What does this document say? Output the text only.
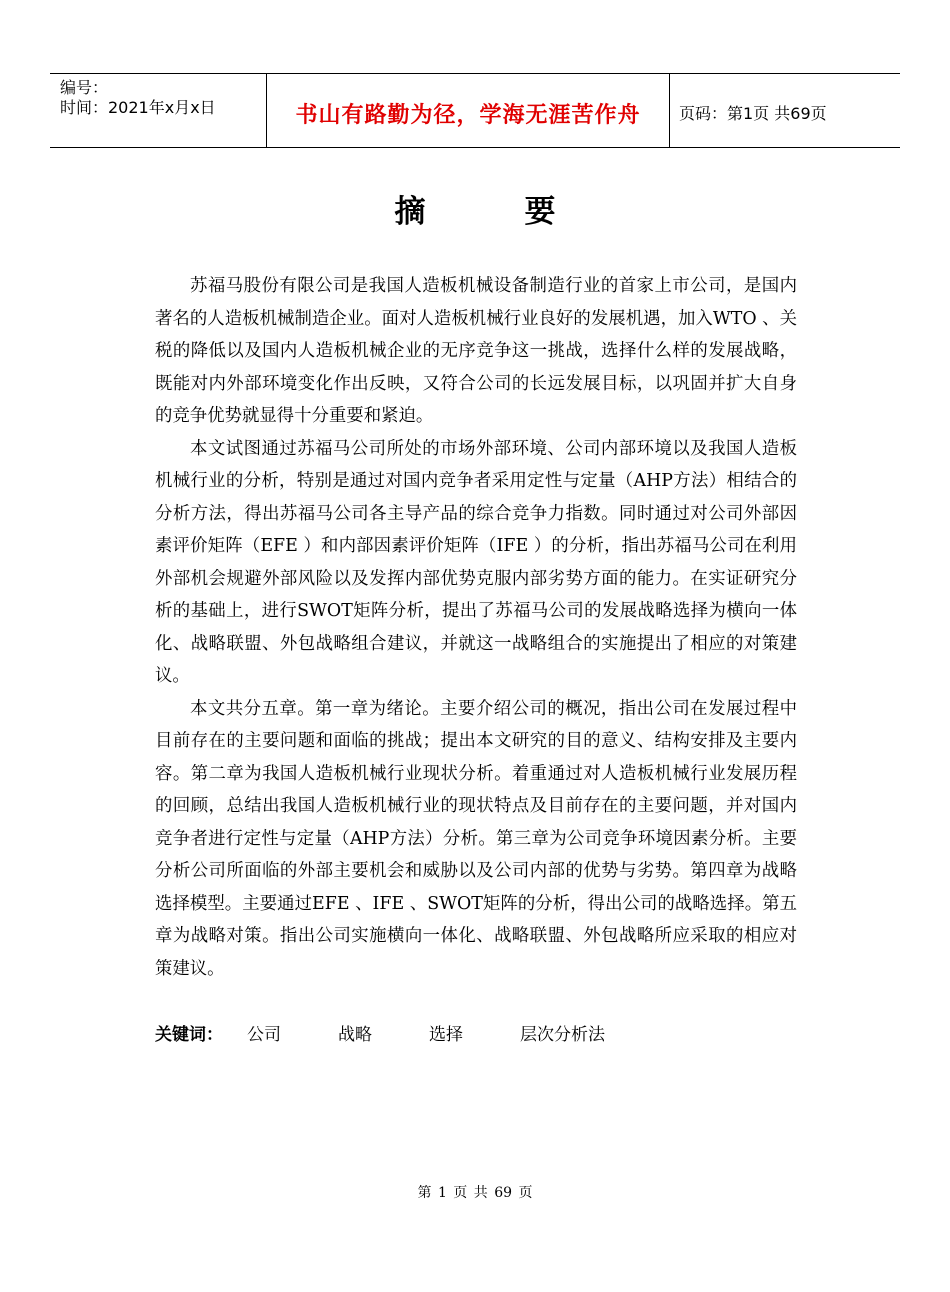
编号：
时间：2021年x月x日	书山有路勤为径，学海无涯苦作舟	页码：第1页 共69页
摘　要

苏福马股份有限公司是我国人造板机械设备制造行业的首家上市公司，是国内著名的人造板机械制造企业。面对人造板机械行业良好的发展机遇，加入WTO 、关税的降低以及国内人造板机械企业的无序竞争这一挑战，选择什么样的发展战略，既能对内外部环境变化作出反映，又符合公司的长远发展目标，以巩固并扩大自身的竞争优势就显得十分重要和紧迫。

本文试图通过苏福马公司所处的市场外部环境、公司内部环境以及我国人造板机械行业的分析，特别是通过对国内竞争者采用定性与定量（AHP方法）相结合的分析方法，得出苏福马公司各主导产品的综合竞争力指数。同时通过对公司外部因素评价矩阵（EFE ）和内部因素评价矩阵（IFE ）的分析，指出苏福马公司在利用外部机会规避外部风险以及发挥内部优势克服内部劣势方面的能力。在实证研究分析的基础上，进行SWOT矩阵分析，提出了苏福马公司的发展战略选择为横向一体化、战略联盟、外包战略组合建议，并就这一战略组合的实施提出了相应的对策建议。

本文共分五章。第一章为绪论。主要介绍公司的概况，指出公司在发展过程中目前存在的主要问题和面临的挑战；提出本文研究的目的意义、结构安排及主要内容。第二章为我国人造板机械行业现状分析。着重通过对人造板机械行业发展历程的回顾，总结出我国人造板机械行业的现状特点及目前存在的主要问题，并对国内竞争者进行定性与定量（AHP方法）分析。第三章为公司竞争环境因素分析。主要分析公司所面临的外部主要机会和威胁以及公司内部的优势与劣势。第四章为战略选择模型。主要通过EFE 、IFE 、SWOT矩阵的分析，得出公司的战略选择。第五章为战略对策。指出公司实施横向一体化、战略联盟、外包战略所应采取的相应对策建议。

关键词： 公司	战略	选择	层次分析法
第 1 页 共 69 页
